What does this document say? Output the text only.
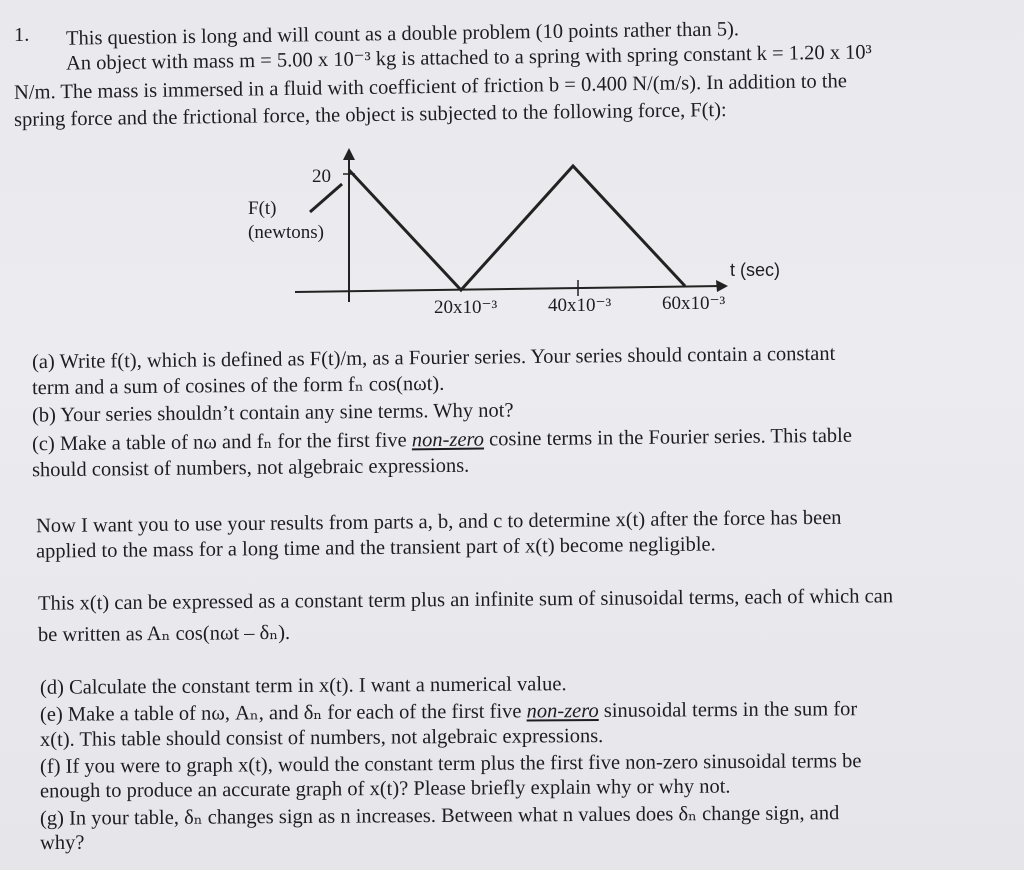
1. This question is long and will count as a double problem (10 points rather than 5).
An object with mass m = 5.00 x 10⁻³ kg is attached to a spring with spring constant k = 1.20 x 10³
N/m. The mass is immersed in a fluid with coefficient of friction b = 0.400 N/(m/s). In addition to the
spring force and the frictional force, the object is subjected to the following force, F(t):
20
F(t)
(newtons)
t (sec)
20x10⁻³	40x10⁻³	60x10⁻³
(a) Write f(t), which is defined as F(t)/m, as a Fourier series. Your series should contain a constant
term and a sum of cosines of the form fₙ cos(nωt).
(b) Your series shouldn’t contain any sine terms. Why not?
(c) Make a table of nω and fₙ for the first five non-zero cosine terms in the Fourier series. This table
should consist of numbers, not algebraic expressions.
Now I want you to use your results from parts a, b, and c to determine x(t) after the force has been
applied to the mass for a long time and the transient part of x(t) become negligible.
This x(t) can be expressed as a constant term plus an infinite sum of sinusoidal terms, each of which can
be written as Aₙ cos(nωt – δₙ).
(d) Calculate the constant term in x(t). I want a numerical value.
(e) Make a table of nω, Aₙ, and δₙ for each of the first five non-zero sinusoidal terms in the sum for
x(t). This table should consist of numbers, not algebraic expressions.
(f) If you were to graph x(t), would the constant term plus the first five non-zero sinusoidal terms be
enough to produce an accurate graph of x(t)? Please briefly explain why or why not.
(g) In your table, δₙ changes sign as n increases. Between what n values does δₙ change sign, and
why?
